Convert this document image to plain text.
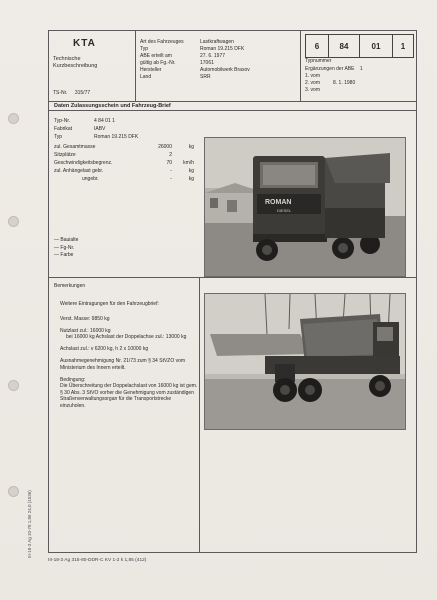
KTA
Technische
Kurzbeschreibung
TS-Nr. 315/77
Art des Fahrzeuges	Lastkraftwagen
Typ	Roman 19.215 DFK
ABE erteilt am	27. 6. 1977
gültig ab Fg.-Nr.	17061
Hersteller	Automobilwerk Brasov
Land	SRR
6	84	01	1
Typnummer
Ergänzungen der ABE 1
1. vom
2. vom	8. 1. 1980
3. vom
Daten Zulassungsschein und Fahrzeug-Brief
Typ-Nr.	4 84 01 1
Fabrikat	IABV
Typ	Roman 19.215 DFK
zul. Gesamtmasse	26000	kg
Sitzplätze	2
Geschwindigkeitsbegrenz.	70	km/h
zul. Anhängelast gebr.	-	kg
ungebr.	-	kg
— Bauialte
— Fg-Nr.
— Farbe
ROMAN
DIESEL
Bemerkungen

Weitere Eintragungen für den Fahrzeugbrief:

Verst. Masse: 9850 kg

Nutzlast zul.: 16000 kg

bei 16000 kg Achslast der Doppelachse zul.: 13000 kg

Achslast zul.: v 6200 kg, h 2 x 10000 kg

Ausnahmegenehmigung Nr. 21/73 zum § 34 StVZO vom Ministerium des Innern erteilt.

Bedingung:

Die Überschreitung der Doppelachslast von 16000 kg ist gem. § 30 Abs. 3 StVO vorher die Genehmigung vom zuständigen Straßenverwaltungsorgan für die Transportstrecke einzuholen.

III-18-3 Ag 10-78 1,86 24,0 (1536)
III-18-3 Ag 315-80-DDR-C KV 1-2 k 1,85 (412)
